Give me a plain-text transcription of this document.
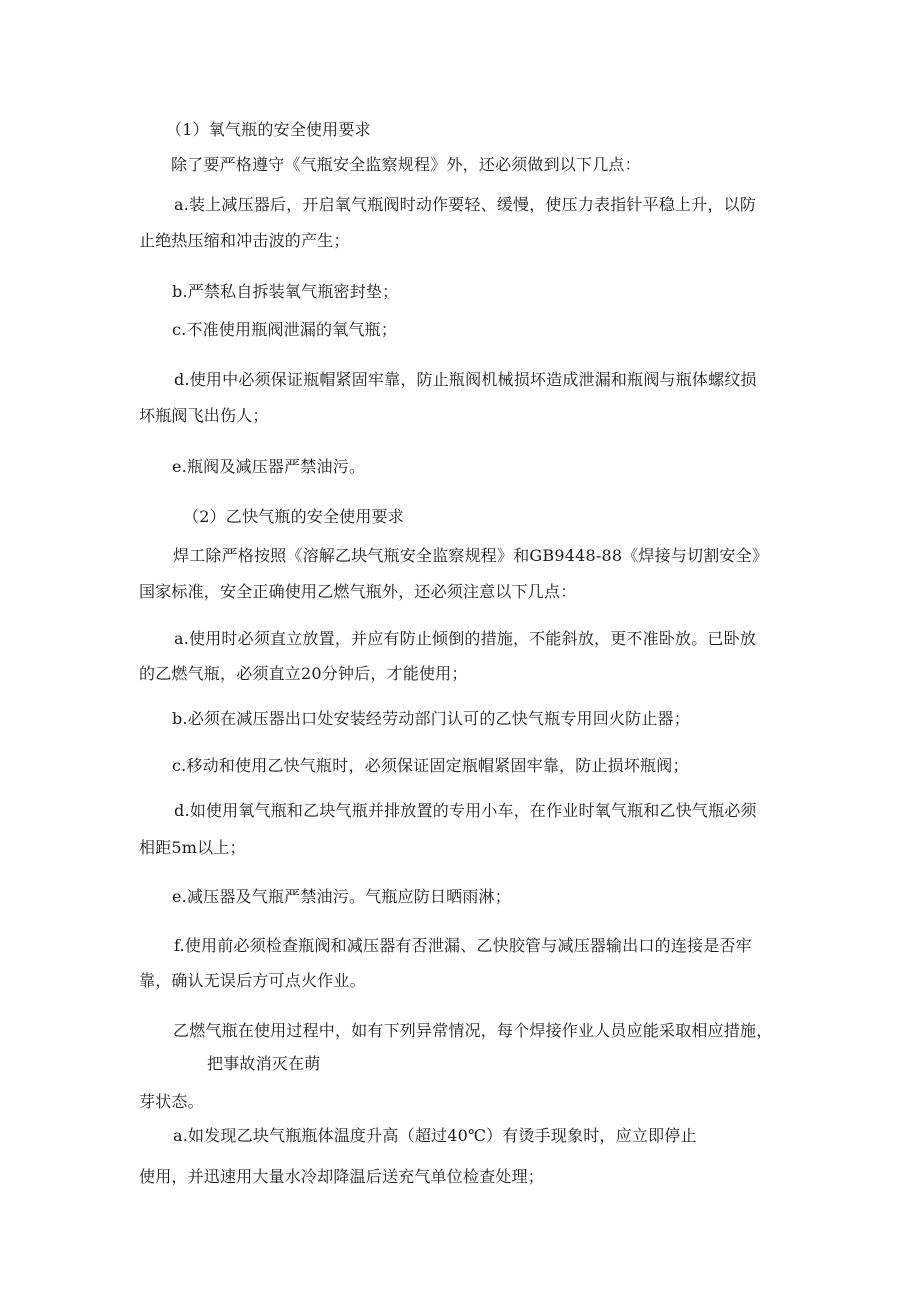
（1）氧气瓶的安全使用要求
除了要严格遵守《气瓶安全监察规程》外，还必须做到以下几点：
a.装上减压器后，开启氧气瓶阀时动作要轻、缓慢，使压力表指针平稳上升，以防
止绝热压缩和冲击波的产生；
b.严禁私自拆装氧气瓶密封垫；
c.不准使用瓶阀泄漏的氧气瓶；
d.使用中必须保证瓶帽紧固牢靠，防止瓶阀机械损坏造成泄漏和瓶阀与瓶体螺纹损
坏瓶阀飞出伤人；
e.瓶阀及减压器严禁油污。
（2）乙快气瓶的安全使用要求
焊工除严格按照《溶解乙块气瓶安全监察规程》和GB9448-88《焊接与切割安全》
国家标准，安全正确使用乙燃气瓶外，还必须注意以下几点：
a.使用时必须直立放置，并应有防止倾倒的措施，不能斜放，更不准卧放。已卧放
的乙燃气瓶，必须直立20分钟后，才能使用；
b.必须在减压器出口处安装经劳动部门认可的乙快气瓶专用回火防止器；
c.移动和使用乙快气瓶时，必须保证固定瓶帽紧固牢靠，防止损坏瓶阀；
d.如使用氧气瓶和乙块气瓶并排放置的专用小车，在作业时氧气瓶和乙快气瓶必须
相距5m以上；
e.减压器及气瓶严禁油污。气瓶应防日晒雨淋；
f.使用前必须检查瓶阀和减压器有否泄漏、乙快胶管与减压器输出口的连接是否牢
靠，确认无误后方可点火作业。
乙燃气瓶在使用过程中，如有下列异常情况，每个焊接作业人员应能采取相应措施，
把事故消灭在萌
芽状态。
a.如发现乙块气瓶瓶体温度升高（超过40℃）有烫手现象时，应立即停止
使用，并迅速用大量水冷却降温后送充气单位检查处理；
